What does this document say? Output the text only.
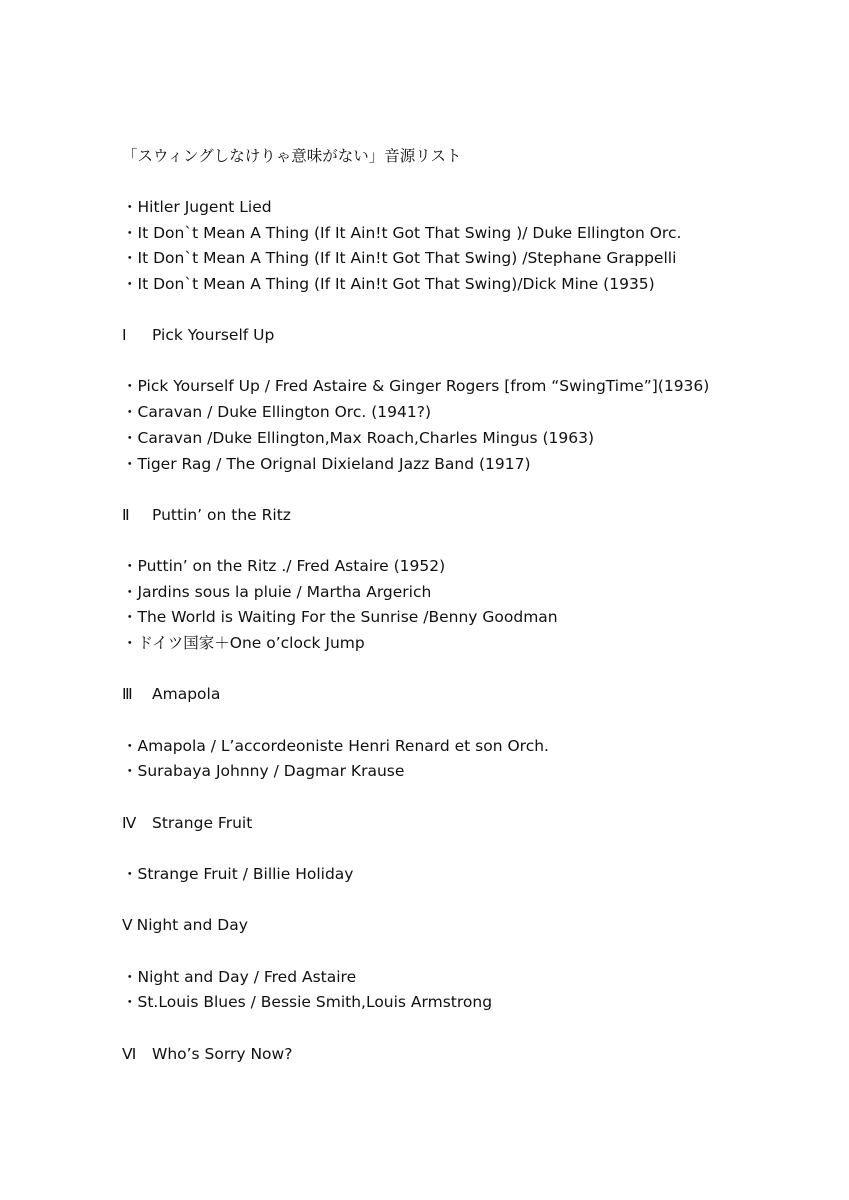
「スウィングしなけりゃ意味がない」音源リスト
・Hitler Jugent Lied
・It Don`t Mean A Thing (If It Ain!t Got That Swing )/ Duke Ellington Orc.
・It Don`t Mean A Thing (If It Ain!t Got That Swing) /Stephane Grappelli
・It Don`t Mean A Thing (If It Ain!t Got That Swing)/Dick Mine (1935)
Ⅰ Pick Yourself Up
・Pick Yourself Up / Fred Astaire & Ginger Rogers [from “SwingTime”](1936)
・Caravan / Duke Ellington Orc. (1941?)
・Caravan /Duke Ellington,Max Roach,Charles Mingus (1963)
・Tiger Rag / The Orignal Dixieland Jazz Band (1917)
Ⅱ Puttin’ on the Ritz
・Puttin’ on the Ritz ./ Fred Astaire (1952)
・Jardins sous la pluie / Martha Argerich
・The World is Waiting For the Sunrise /Benny Goodman
・ドイツ国家＋One o’clock Jump
Ⅲ Amapola
・Amapola / L’accordeoniste Henri Renard et son Orch.
・Surabaya Johnny / Dagmar Krause
Ⅳ Strange Fruit
・Strange Fruit / Billie Holiday
Ⅴ Night and Day
・Night and Day / Fred Astaire
・St.Louis Blues / Bessie Smith,Louis Armstrong
Ⅵ Who’s Sorry Now?
